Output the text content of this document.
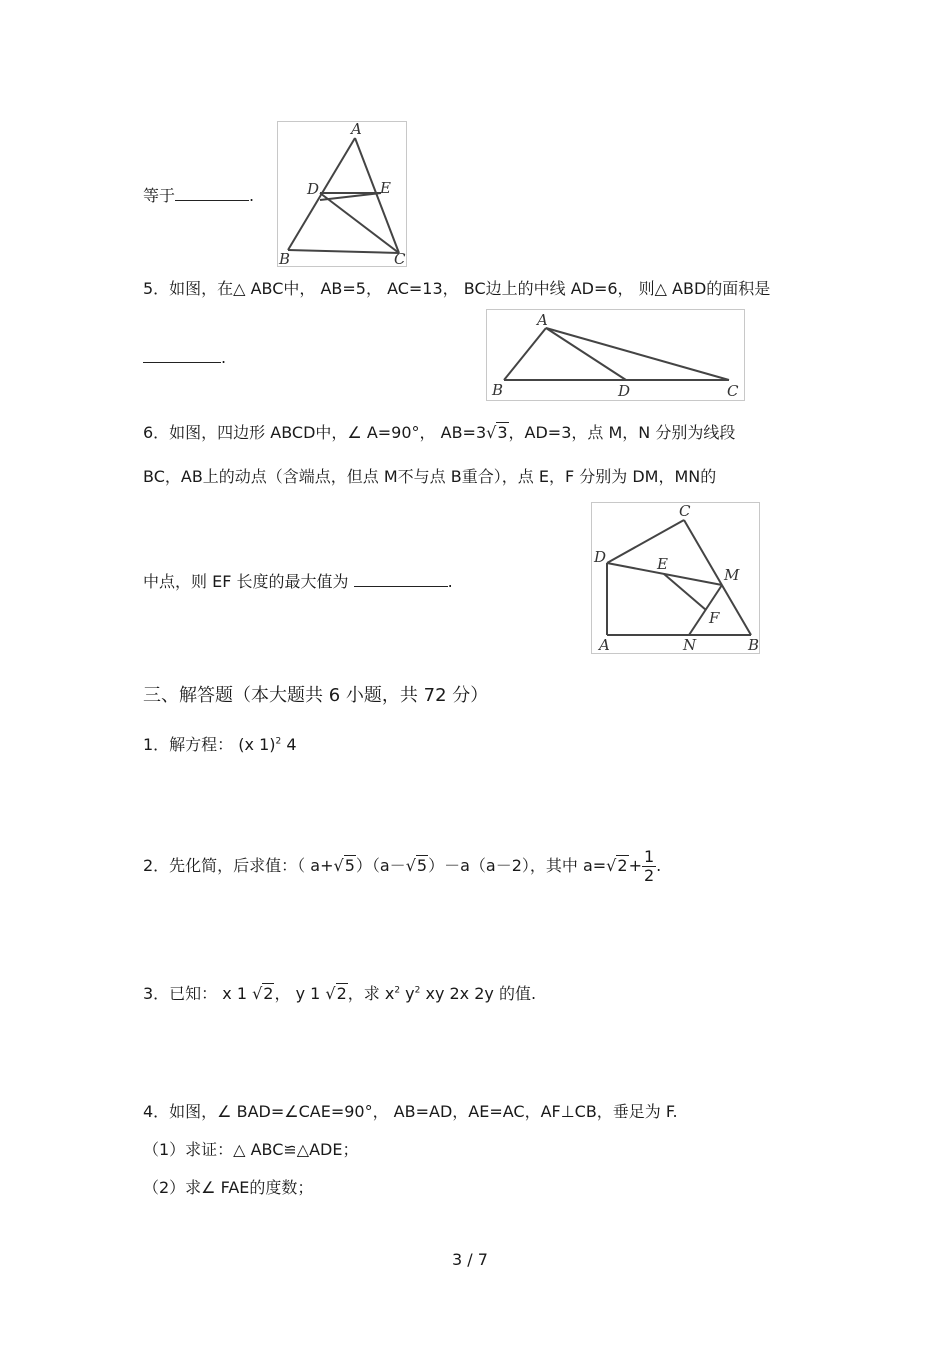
等于	.
A
D	E
B	C
5．如图，在△ ABC中， AB=5， AC=13， BC边上的中线 AD=6， 则△ ABD的面积是
.
A
B	D	C
6．如图，四边形 ABCD中，∠ A=90°， AB=3√3，AD=3，点 M，N 分别为线段
BC，AB上的动点（含端点，但点 M不与点 B重合），点 E，F 分别为 DM，MN的
中点，则 EF 长度的最大值为	.
C
D	E
M
F
A	N	B
三、解答题（本大题共 6 小题，共 72 分）
1．解方程： (x 1)$^2$ 4
2．先化简，后求值：（ a+√5）（a－√5）－a（a－2），其中 $a=√2+ \frac{1}{2}$ .
3．已知： x 1 √2， y 1 √2，求 $x^2$ $y^2$ xy 2x 2y 的值.
4．如图，∠ BAD=∠CAE=90°， AB=AD，AE=AC，AF⊥CB，垂足为 F.
（1）求证：△ ABC≌△ADE；
（2）求∠ FAE的度数；
3 / 7
